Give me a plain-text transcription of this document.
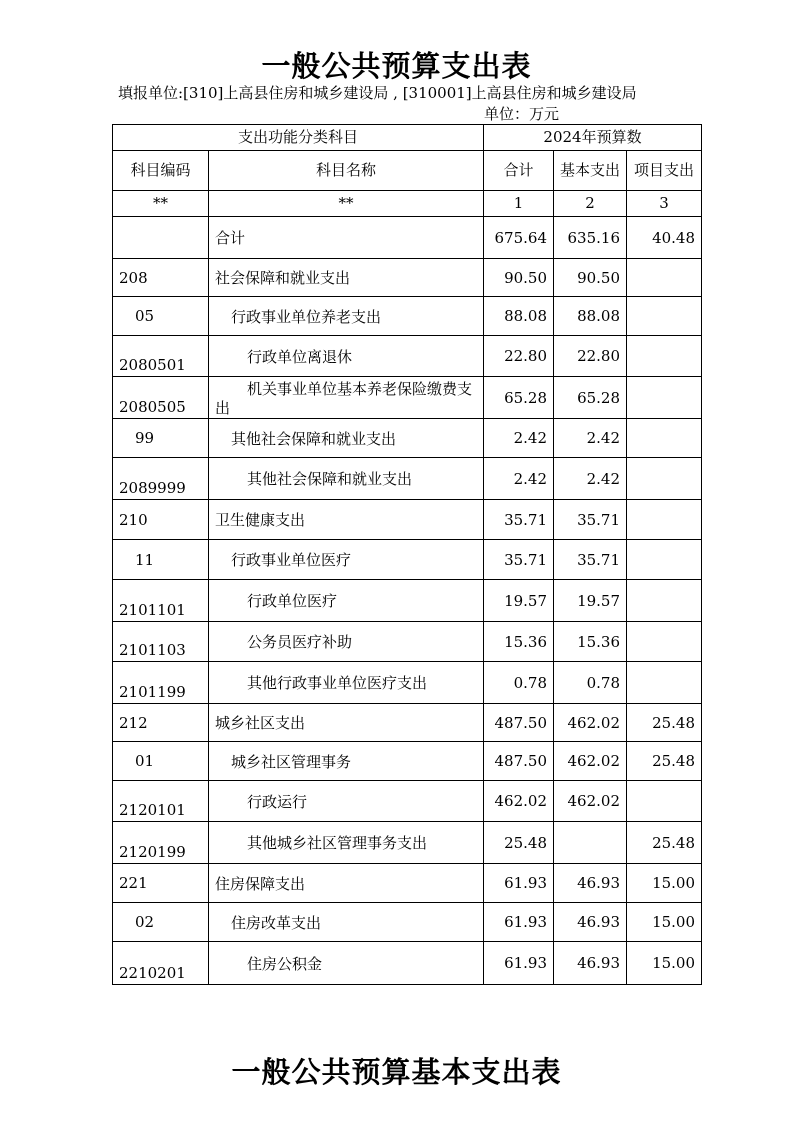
一般公共预算支出表
填报单位:[310]上高县住房和城乡建设局 , [310001]上高县住房和城乡建设局
单位：万元
支出功能分类科目		2024年预算数		
科目编码	科目名称	合计	基本支出	项目支出
**	**	1	2	3
	合计	675.64	635.16	40.48
208	社会保障和就业支出	90.50	90.50	
05	行政事业单位养老支出	88.08	88.08	
2080501	行政单位离退休	22.80	22.80	
2080505	机关事业单位基本养老保险缴费支出	65.28	65.28	
99	其他社会保障和就业支出	2.42	2.42	
2089999	其他社会保障和就业支出	2.42	2.42	
210	卫生健康支出	35.71	35.71	
11	行政事业单位医疗	35.71	35.71	
2101101	行政单位医疗	19.57	19.57	
2101103	公务员医疗补助	15.36	15.36	
2101199	其他行政事业单位医疗支出	0.78	0.78	
212	城乡社区支出	487.50	462.02	25.48
01	城乡社区管理事务	487.50	462.02	25.48
2120101	行政运行	462.02	462.02	
2120199	其他城乡社区管理事务支出	25.48		25.48
221	住房保障支出	61.93	46.93	15.00
02	住房改革支出	61.93	46.93	15.00
2210201	住房公积金	61.93	46.93	15.00
一般公共预算基本支出表
